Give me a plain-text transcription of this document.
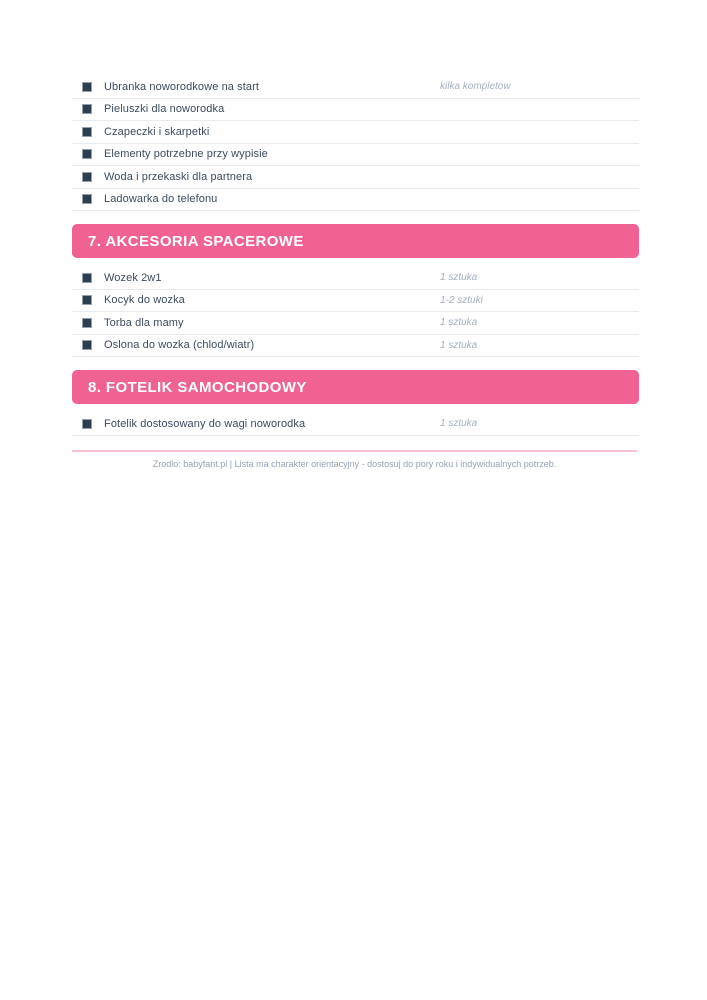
Ubranka noworodkowe na start	kilka kompletow
Pieluszki dla noworodka
Czapeczki i skarpetki
Elementy potrzebne przy wypisie
Woda i przekaski dla partnera
Ladowarka do telefonu
7. AKCESORIA SPACEROWE
Wozek 2w1	1 sztuka
Kocyk do wozka	1-2 sztuki
Torba dla mamy	1 sztuka
Oslona do wozka (chlod/wiatr)	1 sztuka
8. FOTELIK SAMOCHODOWY
Fotelik dostosowany do wagi noworodka	1 sztuka
Zrodlo: babyfant.pl | Lista ma charakter orientacyjny - dostosuj do pory roku i indywidualnych potrzeb.
